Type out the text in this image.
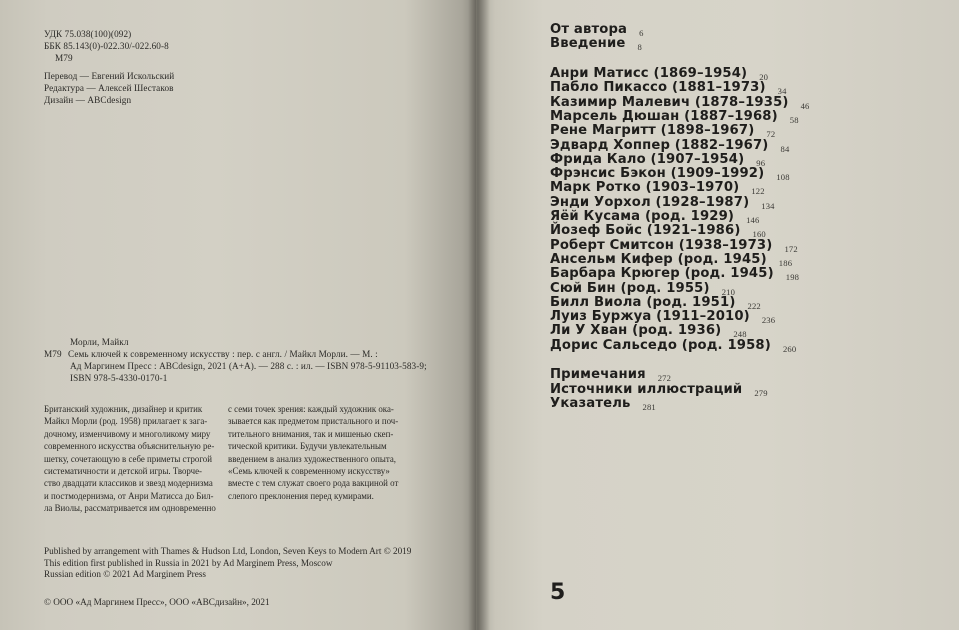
УДК 75.038(100)(092)
ББК 85.143(0)-022.30/-022.60-8
М79
Перевод — Евгений Искольский
Редактура — Алексей Шестаков
Дизайн — ABCdesign
Морли, Майкл
М79 Семь ключей к современному искусству : пер. с англ. / Майкл Морли. — М. :
Ад Маргинем Пресс : ABCdesign, 2021 (А+А). — 288 с. : ил. — ISBN 978-5-91103-583-9;
ISBN 978-5-4330-0170-1
Британский художник, дизайнер и критик
Майкл Морли (род. 1958) прилагает к зага-
дочному, изменчивому и многоликому миру
современного искусства объяснительную ре-
шетку, сочетающую в себе приметы строгой
систематичности и детской игры. Творче-
ство двадцати классиков и звезд модернизма
и постмодернизма, от Анри Матисса до Бил-
ла Виолы, рассматривается им одновременно
с семи точек зрения: каждый художник ока-
зывается как предметом пристального и поч-
тительного внимания, так и мишенью скеп-
тической критики. Будучи увлекательным
введением в анализ художественного опыта,
«Семь ключей к современному искусству»
вместе с тем служат своего рода вакциной от
слепого преклонения перед кумирами.
Published by arrangement with Thames & Hudson Ltd, London, Seven Keys to Modern Art © 2019
This edition first published in Russia in 2021 by Ad Marginem Press, Moscow
Russian edition © 2021 Ad Marginem Press
© ООО «Ад Маргинем Пресс», ООО «АВСдизайн», 2021
От автора $_6$
Введение $_8$
Анри Матисс (1869–1954) $_{20}$
Пабло Пикассо (1881–1973) $_{34}$
Казимир Малевич (1878–1935) $_{46}$
Марсель Дюшан (1887–1968) $_{58}$
Рене Магритт (1898–1967) $_{72}$
Эдвард Хоппер (1882–1967) $_{84}$
Фрида Кало (1907–1954) $_{96}$
Фрэнсис Бэкон (1909–1992) $_{108}$
Марк Ротко (1903–1970) $_{122}$
Энди Уорхол (1928–1987) $_{134}$
Яёй Кусама (род. 1929) $_{146}$
Йозеф Бойс (1921–1986) $_{160}$
Роберт Смитсон (1938–1973) $_{172}$
Ансельм Кифер (род. 1945) $_{186}$
Барбара Крюгер (род. 1945) $_{198}$
Сюй Бин (род. 1955) $_{210}$
Билл Виола (род. 1951) $_{222}$
Луиз Буржуа (1911–2010) $_{236}$
Ли У Хван (род. 1936) $_{248}$
Дорис Сальседо (род. 1958) $_{260}$
Примечания $_{272}$
Источники иллюстраций $_{279}$
Указатель $_{281}$
5
